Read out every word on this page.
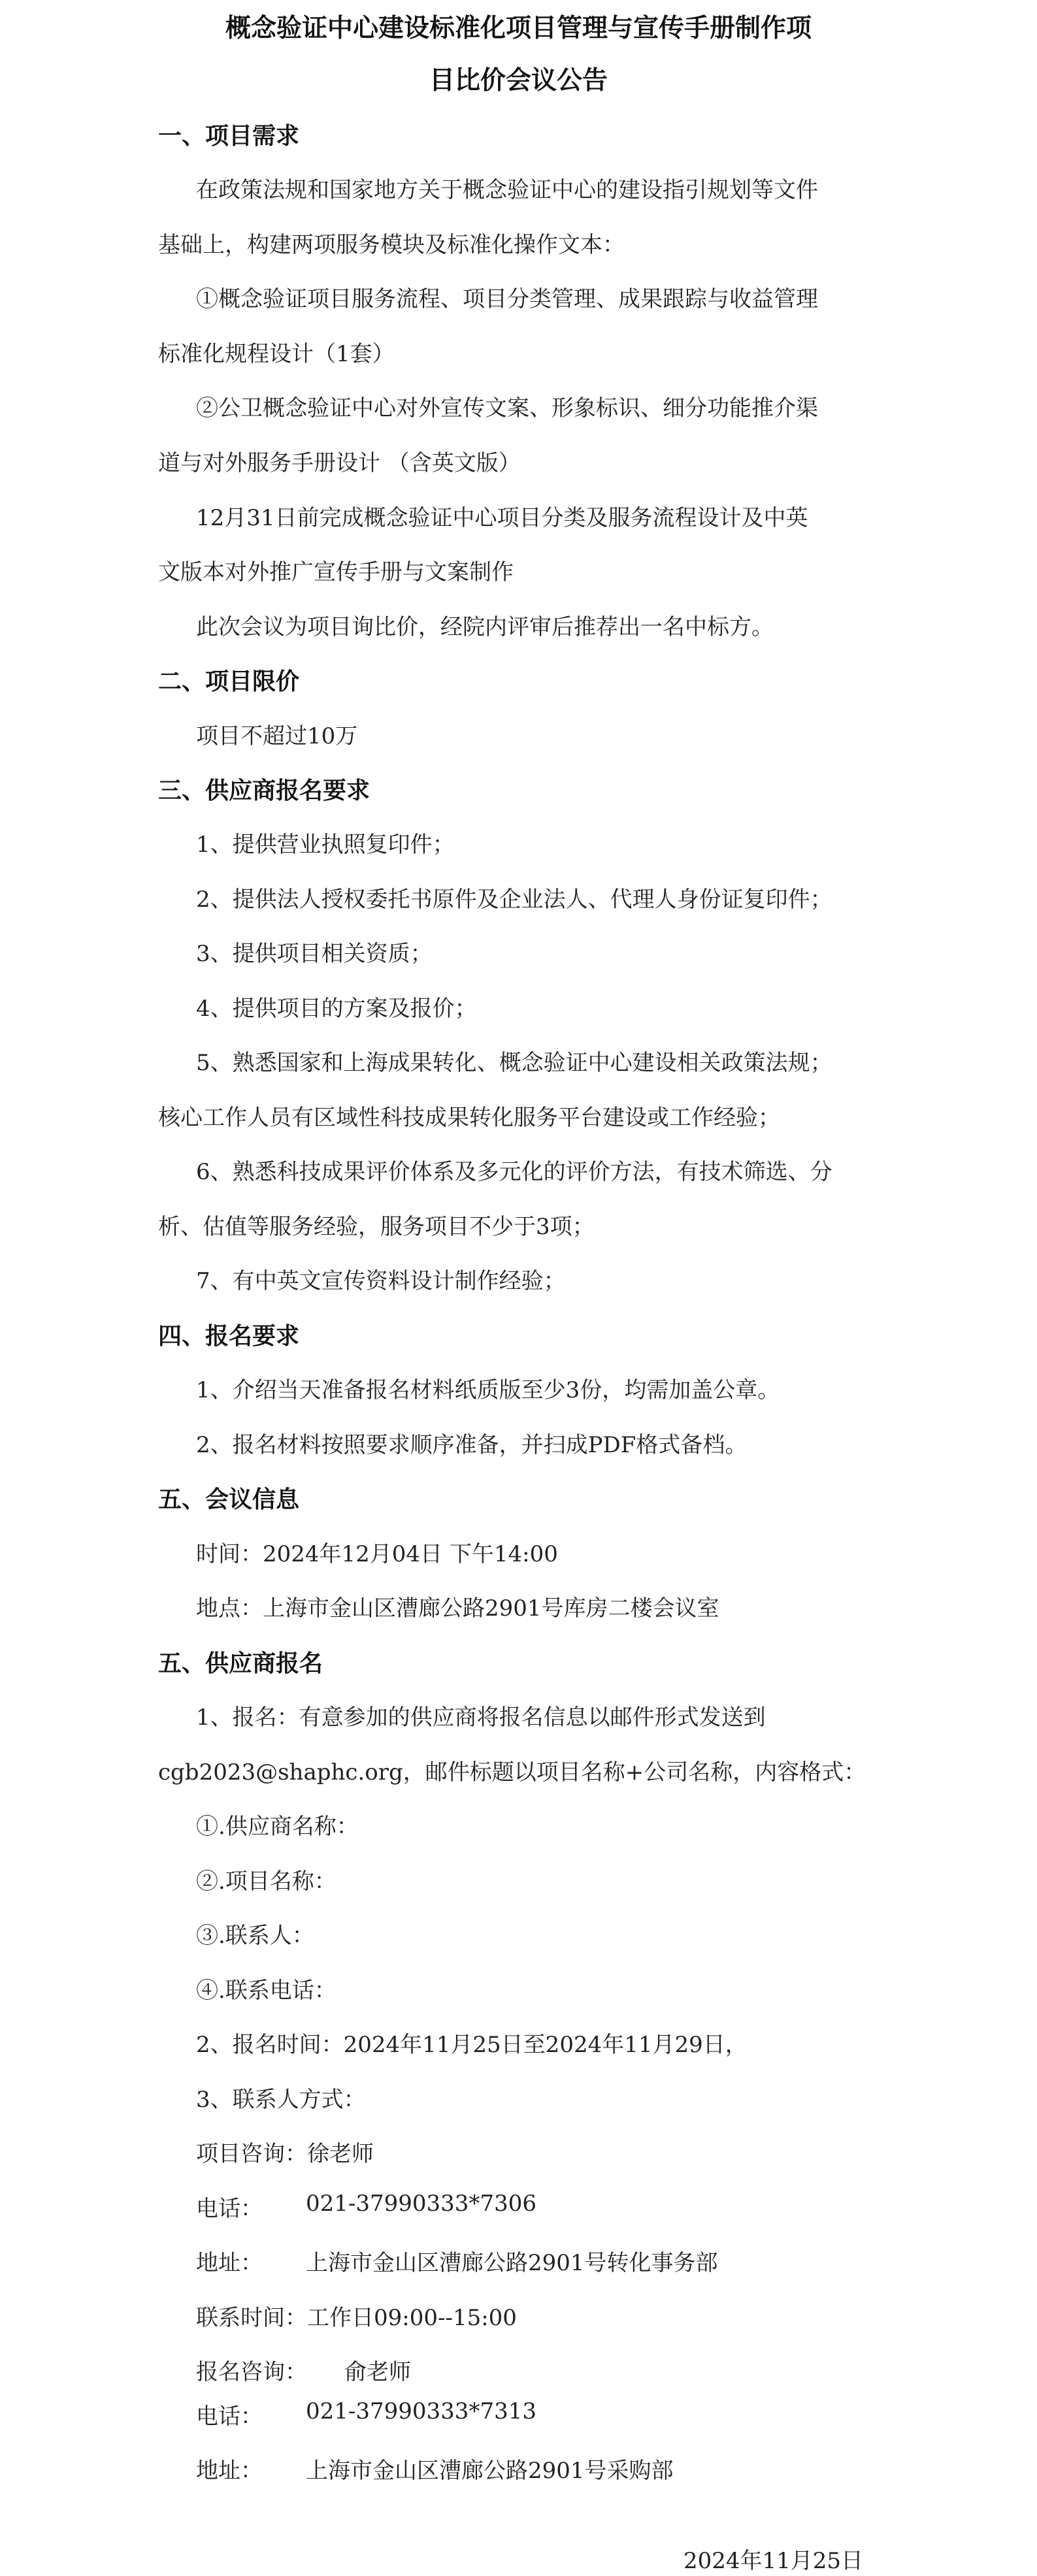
概念验证中心建设标准化项目管理与宣传手册制作项
目比价会议公告
一、项目需求
在政策法规和国家地方关于概念验证中心的建设指引规划等文件
基础上，构建两项服务模块及标准化操作文本：
①概念验证项目服务流程、项目分类管理、成果跟踪与收益管理
标准化规程设计（1套）
②公卫概念验证中心对外宣传文案、形象标识、细分功能推介渠
道与对外服务手册设计 （含英文版）
12月31日前完成概念验证中心项目分类及服务流程设计及中英
文版本对外推广宣传手册与文案制作
此次会议为项目询比价，经院内评审后推荐出一名中标方。
二、项目限价
项目不超过10万
三、供应商报名要求
1、提供营业执照复印件；
2、提供法人授权委托书原件及企业法人、代理人身份证复印件；
3、提供项目相关资质；
4、提供项目的方案及报价；
5、熟悉国家和上海成果转化、概念验证中心建设相关政策法规；
核心工作人员有区域性科技成果转化服务平台建设或工作经验；
6、熟悉科技成果评价体系及多元化的评价方法，有技术筛选、分
析、估值等服务经验，服务项目不少于3项；
7、有中英文宣传资料设计制作经验；
四、报名要求
1、介绍当天准备报名材料纸质版至少3份，均需加盖公章。
2、报名材料按照要求顺序准备，并扫成PDF格式备档。
五、会议信息
时间：2024年12月04日 下午14:00
地点：上海市金山区漕廊公路2901号库房二楼会议室
五、供应商报名
1、报名：有意参加的供应商将报名信息以邮件形式发送到
cgb2023@shaphc.org，邮件标题以项目名称+公司名称，内容格式：
①.供应商名称：
②.项目名称：
③.联系人：
④.联系电话：
2、报名时间：2024年11月25日至2024年11月29日，
3、联系人方式：
项目咨询：徐老师
电话： 021-37990333*7306
地址： 上海市金山区漕廊公路2901号转化事务部
联系时间：工作日09:00--15:00
报名咨询： 俞老师
电话： 021-37990333*7313
地址： 上海市金山区漕廊公路2901号采购部
2024年11月25日
